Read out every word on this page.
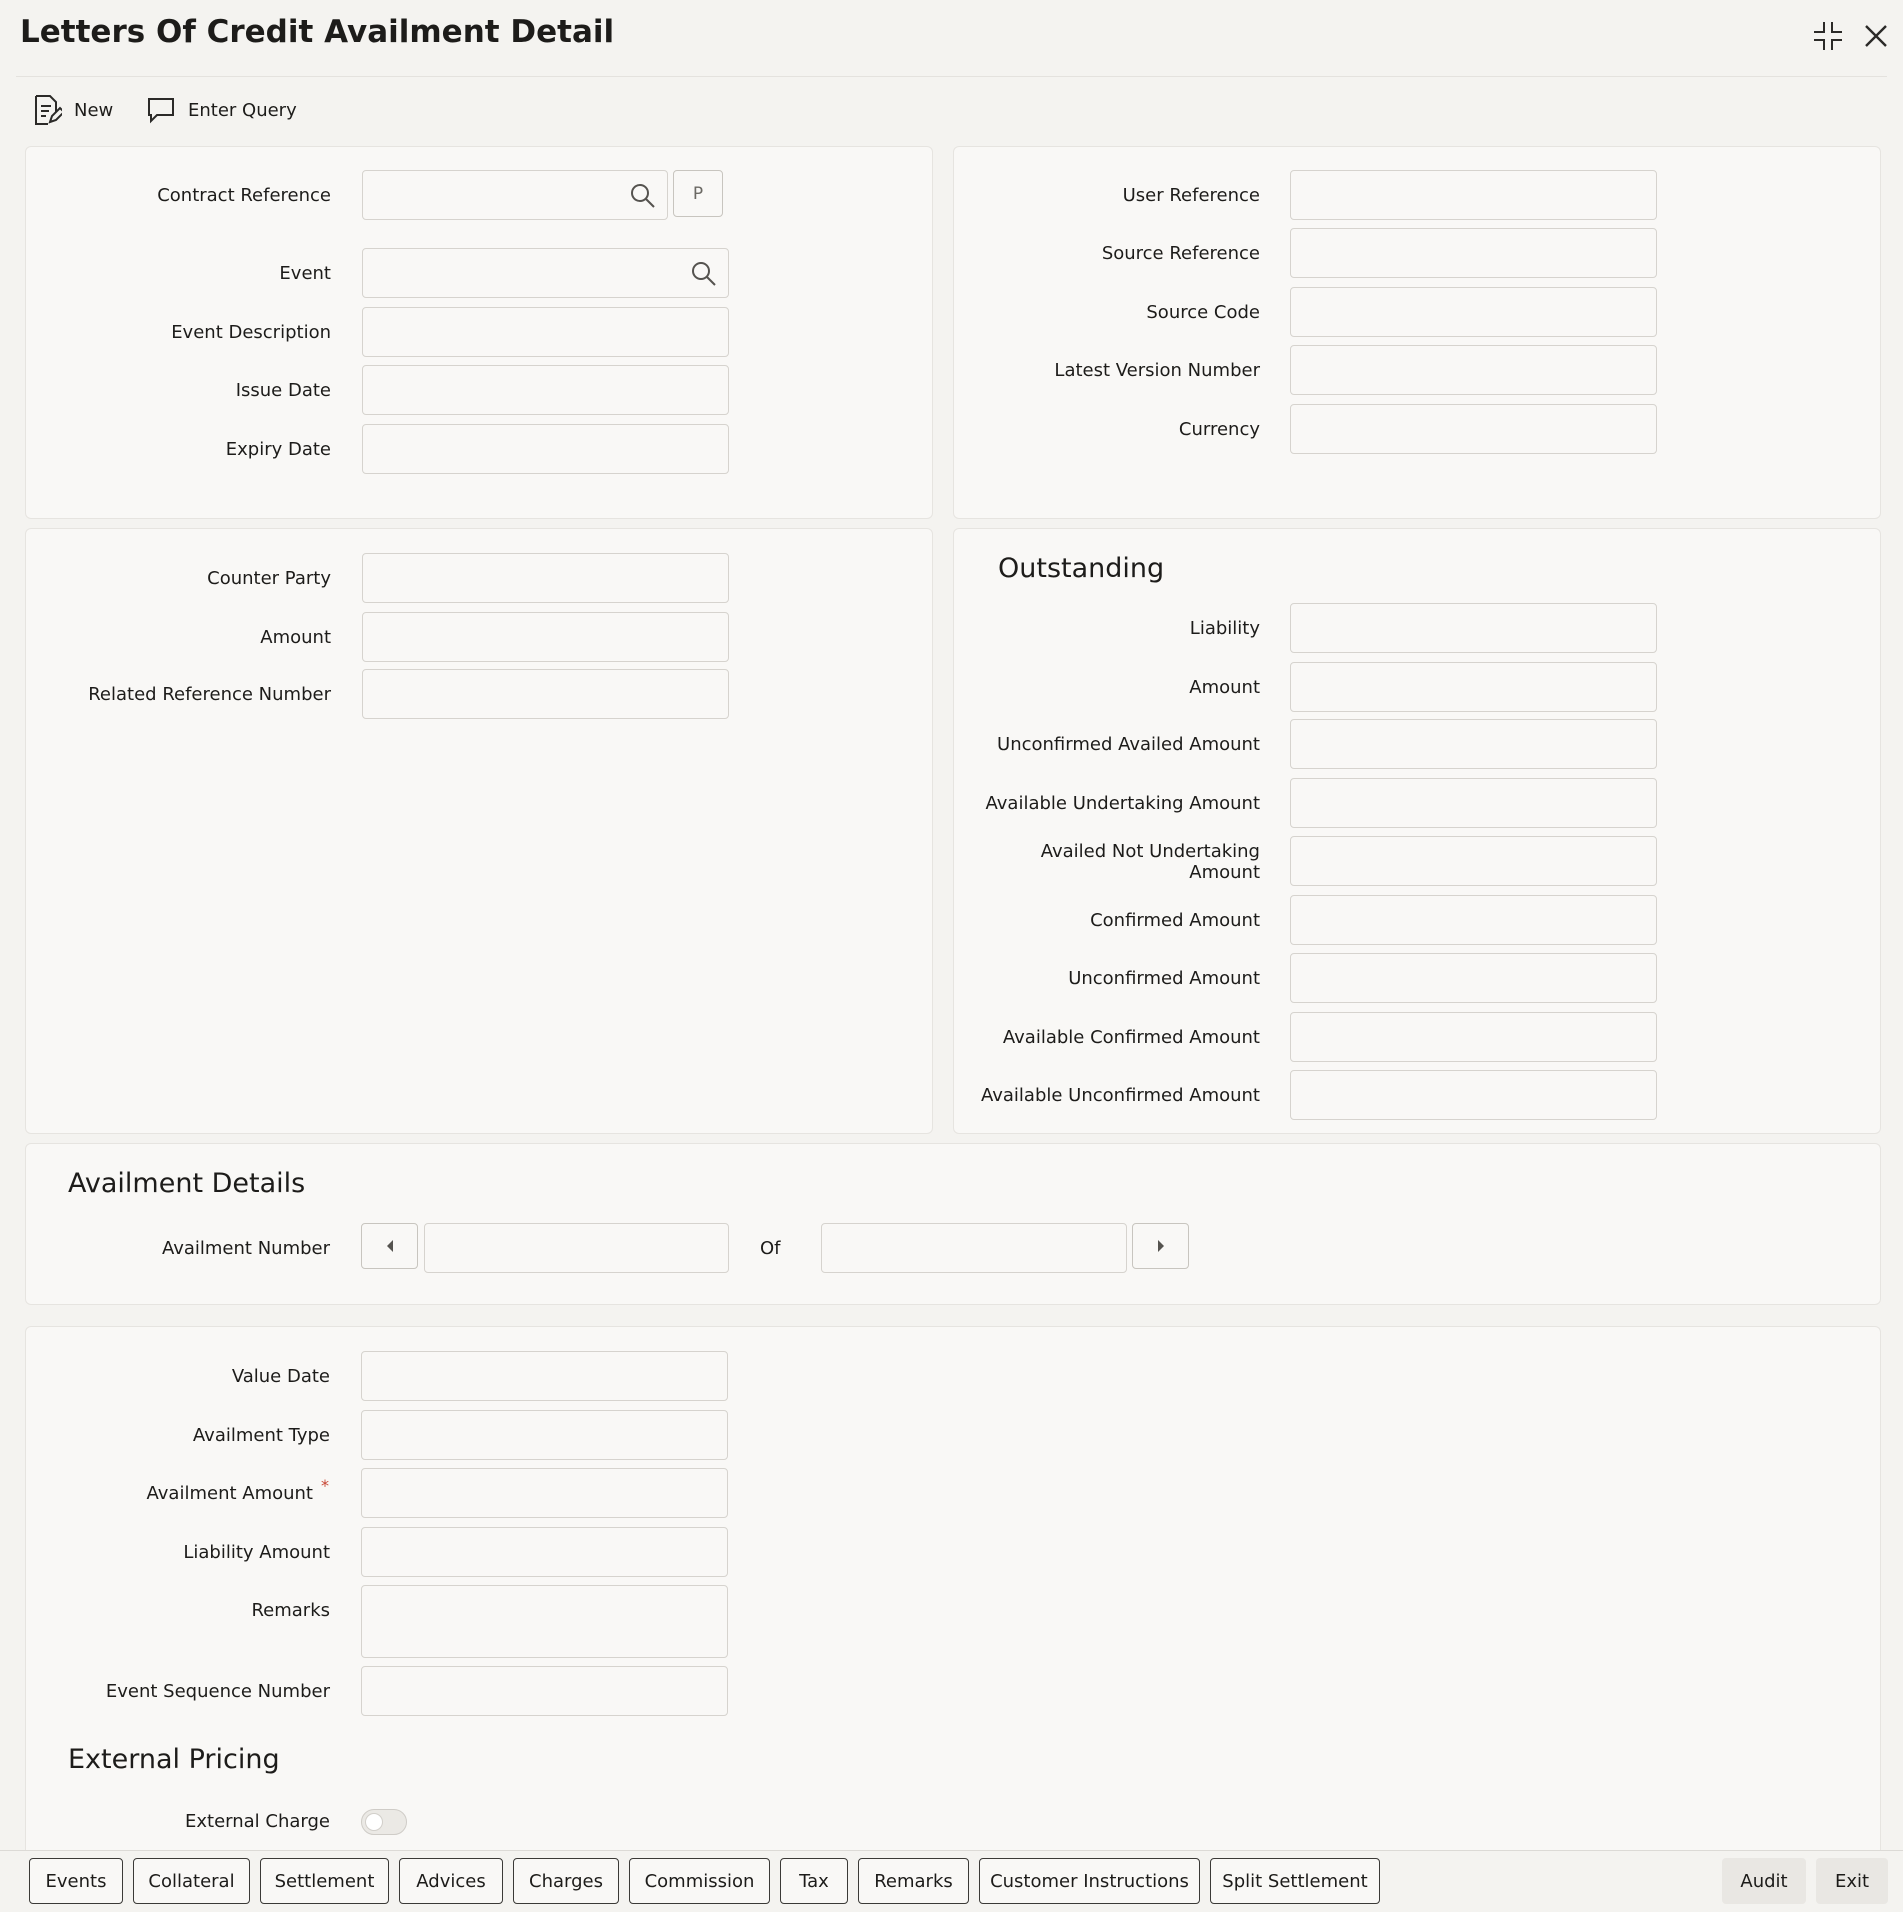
Letters Of Credit Availment Detail
New	Enter Query
Contract Reference	P
Event
Event Description
Issue Date
Expiry Date
User Reference
Source Reference
Source Code
Latest Version Number
Currency
Counter Party
Amount
Related Reference Number
Outstanding
Liability
Amount
Unconfirmed Availed Amount
Available Undertaking Amount
Availed Not Undertaking
Amount
Confirmed Amount
Unconfirmed Amount
Available Confirmed Amount
Available Unconfirmed Amount
Availment Details
Availment Number	Of
Value Date
Availment Type
Availment Amount *
Liability Amount
Remarks
Event Sequence Number
External Pricing
External Charge
Events	Collateral	Settlement	Advices	Charges	Commission	Tax	Remarks	Customer Instructions	Split Settlement	Audit	Exit
